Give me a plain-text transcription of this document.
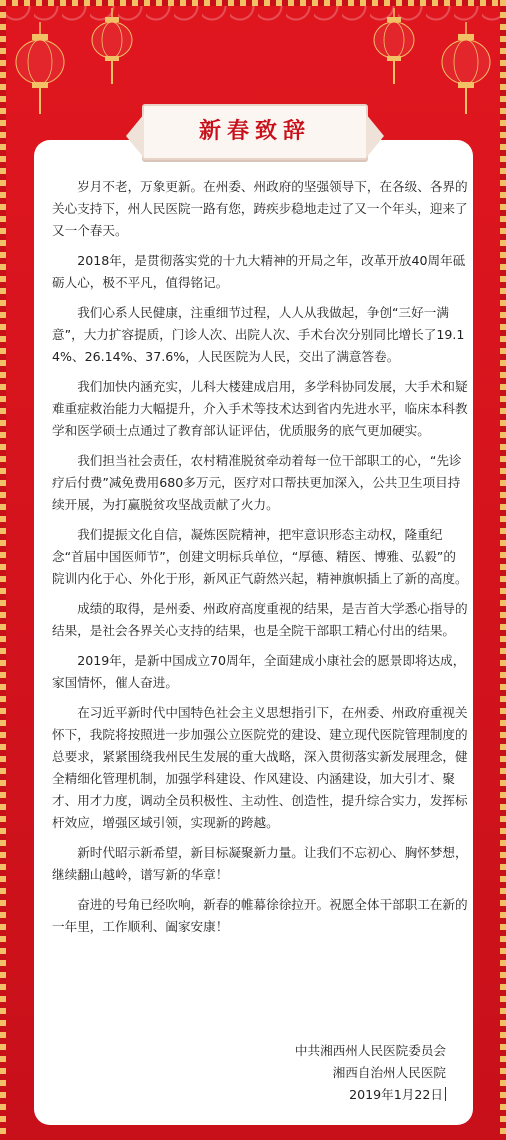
新春致辞

岁月不老，万象更新。在州委、州政府的坚强领导下，在各级、各界的关心支持下，州人民医院一路有您，踌疾步稳地走过了又一个年头，迎来了又一个春天。

2018年，是贯彻落实党的十九大精神的开局之年，改革开放40周年砥砺人心，极不平凡，值得铭记。

我们心系人民健康，注重细节过程，人人从我做起，争创“三好一满意”，大力扩容提质，门诊人次、出院人次、手术台次分别同比增长了19.14%、26.14%、37.6%，人民医院为人民，交出了满意答卷。

我们加快内涵充实，儿科大楼建成启用，多学科协同发展，大手术和疑难重症救治能力大幅提升，介入手术等技术达到省内先进水平，临床本科教学和医学硕士点通过了教育部认证评估，优质服务的底气更加硬实。

我们担当社会责任，农村精准脱贫牵动着每一位干部职工的心，“先诊疗后付费”减免费用680多万元，医疗对口帮扶更加深入，公共卫生项目持续开展，为打赢脱贫攻坚战贡献了火力。

我们提振文化自信，凝炼医院精神，把牢意识形态主动权，隆重纪念“首届中国医师节”，创建文明标兵单位，“厚德、精医、博雅、弘毅”的院训内化于心、外化于形，新风正气蔚然兴起，精神旗帜插上了新的高度。

成绩的取得，是州委、州政府高度重视的结果，是吉首大学悉心指导的结果，是社会各界关心支持的结果，也是全院干部职工精心付出的结果。

2019年，是新中国成立70周年，全面建成小康社会的愿景即将达成，家国情怀，催人奋进。

在习近平新时代中国特色社会主义思想指引下，在州委、州政府重视关怀下，我院将按照进一步加强公立医院党的建设、建立现代医院管理制度的总要求，紧紧围绕我州民生发展的重大战略，深入贯彻落实新发展理念，健全精细化管理机制，加强学科建设、作风建设、内涵建设，加大引才、聚才、用才力度，调动全员积极性、主动性、创造性，提升综合实力，发挥标杆效应，增强区域引领，实现新的跨越。

新时代昭示新希望，新目标凝聚新力量。让我们不忘初心、胸怀梦想，继续翻山越岭，谱写新的华章！

奋进的号角已经吹响，新春的帷幕徐徐拉开。祝愿全体干部职工在新的一年里，工作顺利、阖家安康！

中共湘西州人民医院委员会
湘西自治州人民医院
2019年1月22日
